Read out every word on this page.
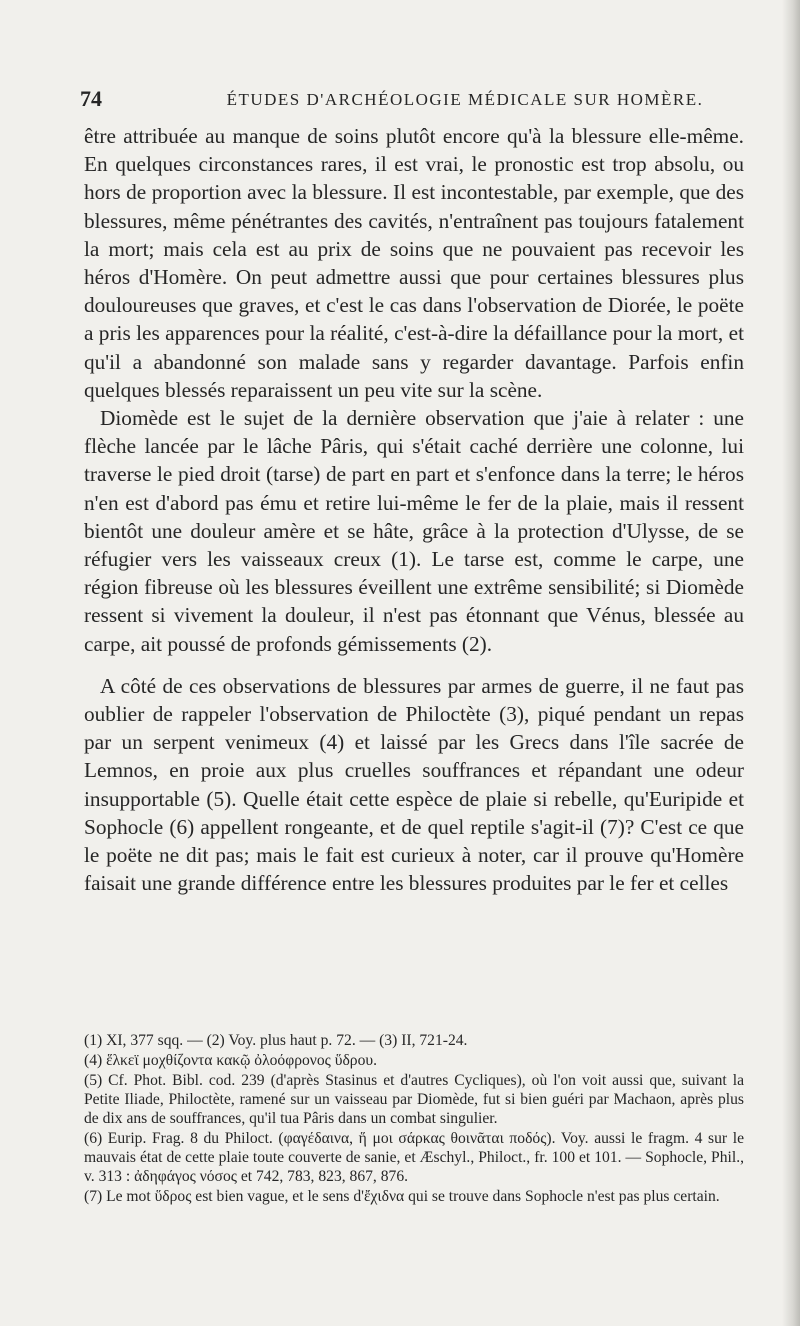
74	ÉTUDES D'ARCHÉOLOGIE MÉDICALE SUR HOMÈRE.

être attribuée au manque de soins plutôt encore qu'à la blessure elle-même. En quelques circonstances rares, il est vrai, le pronostic est trop absolu, ou hors de proportion avec la blessure. Il est incontestable, par exemple, que des blessures, même pénétrantes des cavités, n'entraînent pas toujours fatalement la mort; mais cela est au prix de soins que ne pouvaient pas recevoir les héros d'Homère. On peut admettre aussi que pour certaines blessures plus douloureuses que graves, et c'est le cas dans l'observation de Diorée, le poëte a pris les apparences pour la réalité, c'est-à-dire la défaillance pour la mort, et qu'il a abandonné son malade sans y regarder davantage. Parfois enfin quelques blessés reparaissent un peu vite sur la scène.

Diomède est le sujet de la dernière observation que j'aie à relater : une flèche lancée par le lâche Pâris, qui s'était caché derrière une colonne, lui traverse le pied droit (tarse) de part en part et s'enfonce dans la terre; le héros n'en est d'abord pas ému et retire lui-même le fer de la plaie, mais il ressent bientôt une douleur amère et se hâte, grâce à la protection d'Ulysse, de se réfugier vers les vaisseaux creux (1). Le tarse est, comme le carpe, une région fibreuse où les blessures éveillent une extrême sensibilité; si Diomède ressent si vivement la douleur, il n'est pas étonnant que Vénus, blessée au carpe, ait poussé de profonds gémissements (2).

A côté de ces observations de blessures par armes de guerre, il ne faut pas oublier de rappeler l'observation de Philoctète (3), piqué pendant un repas par un serpent venimeux (4) et laissé par les Grecs dans l'île sacrée de Lemnos, en proie aux plus cruelles souffrances et répandant une odeur insupportable (5). Quelle était cette espèce de plaie si rebelle, qu'Euripide et Sophocle (6) appellent rongeante, et de quel reptile s'agit-il (7)? C'est ce que le poëte ne dit pas; mais le fait est curieux à noter, car il prouve qu'Homère faisait une grande différence entre les blessures produites par le fer et celles

(1) XI, 377 sqq. — (2) Voy. plus haut p. 72. — (3) II, 721-24.

(4) ἕλκεϊ μοχθίζοντα κακῷ ὀλοόφρονος ὕδρου.

(5) Cf. Phot. Bibl. cod. 239 (d'après Stasinus et d'autres Cycliques), où l'on voit aussi que, suivant la Petite Iliade, Philoctète, ramené sur un vaisseau par Diomède, fut si bien guéri par Machaon, après plus de dix ans de souffrances, qu'il tua Pâris dans un combat singulier.

(6) Eurip. Frag. 8 du Philoct. (φαγέδαινα, ἥ μοι σάρκας θοινᾶται ποδός). Voy. aussi le fragm. 4 sur le mauvais état de cette plaie toute couverte de sanie, et Æschyl., Philoct., fr. 100 et 101. — Sophocle, Phil., v. 313 : ἀδηφάγος νόσος et 742, 783, 823, 867, 876.

(7) Le mot ὕδρος est bien vague, et le sens d'ἔχιδνα qui se trouve dans Sophocle n'est pas plus certain.
